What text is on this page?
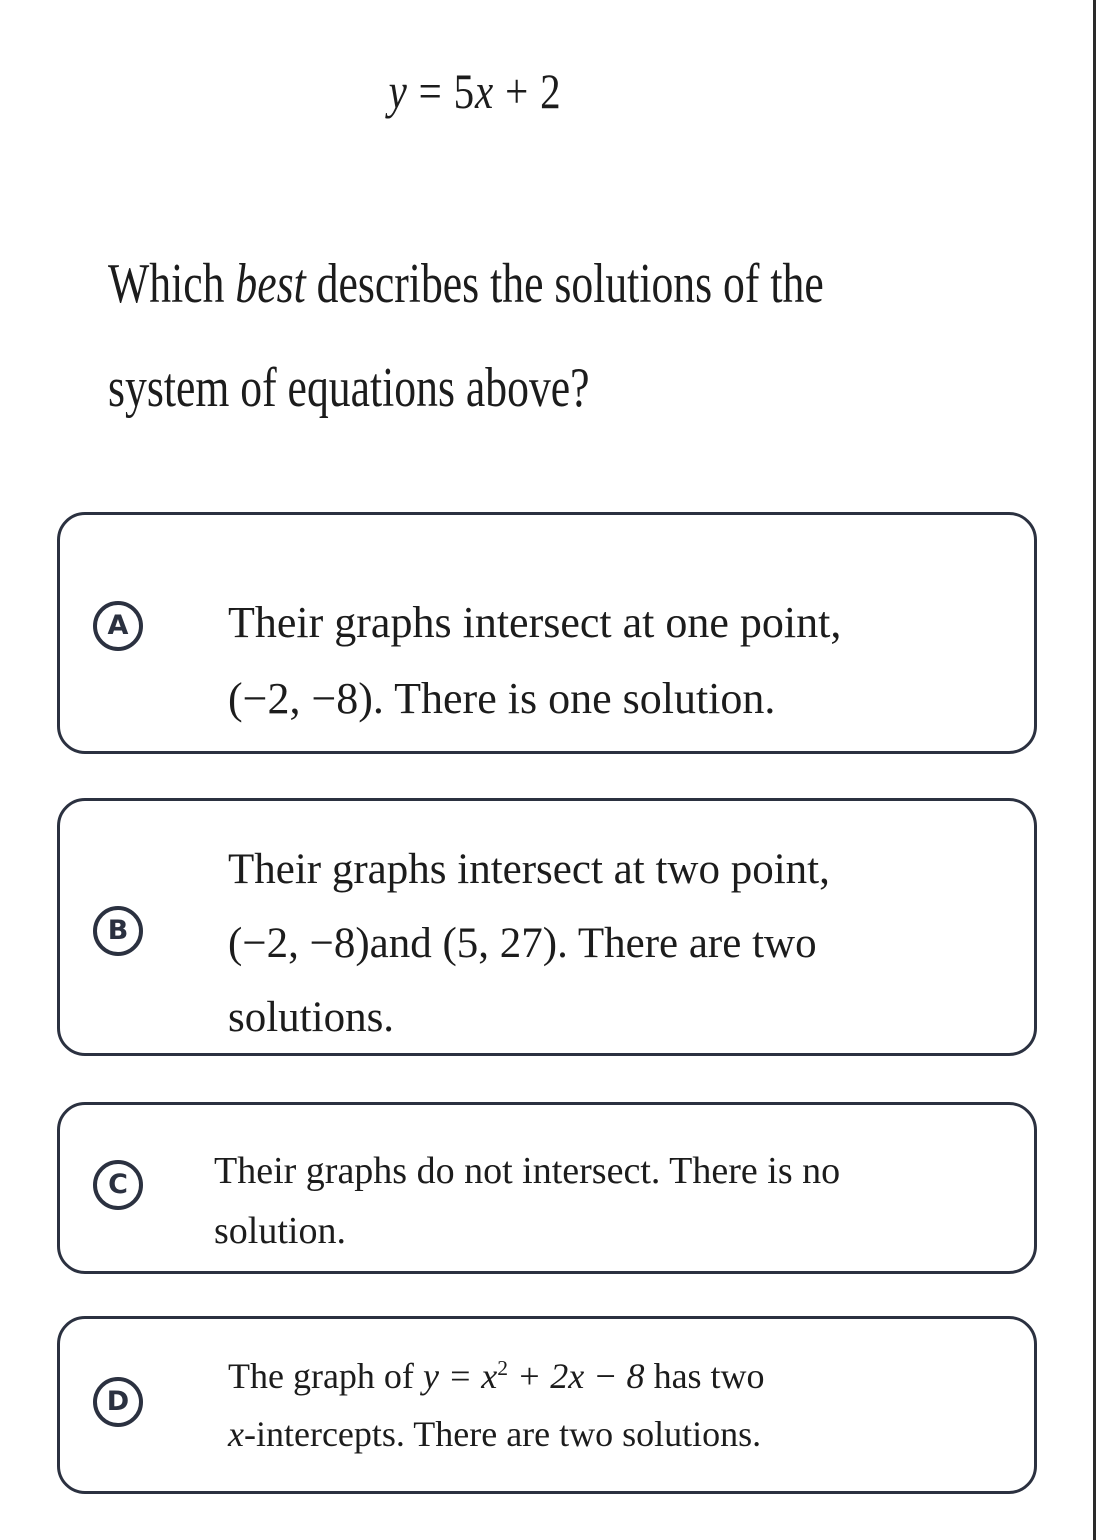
y = 5x + 2
Which best describes the solutions of the
system of equations above?
A	Their graphs intersect at one point,
(−2, −8). There is one solution.
B
Their graphs intersect at two point,
(−2, −8)and (5, 27). There are two
solutions.
C	Their graphs do not intersect. There is no
solution.
D
The graph of $y = x^2 + 2x - 8$ has two
x-intercepts. There are two solutions.
